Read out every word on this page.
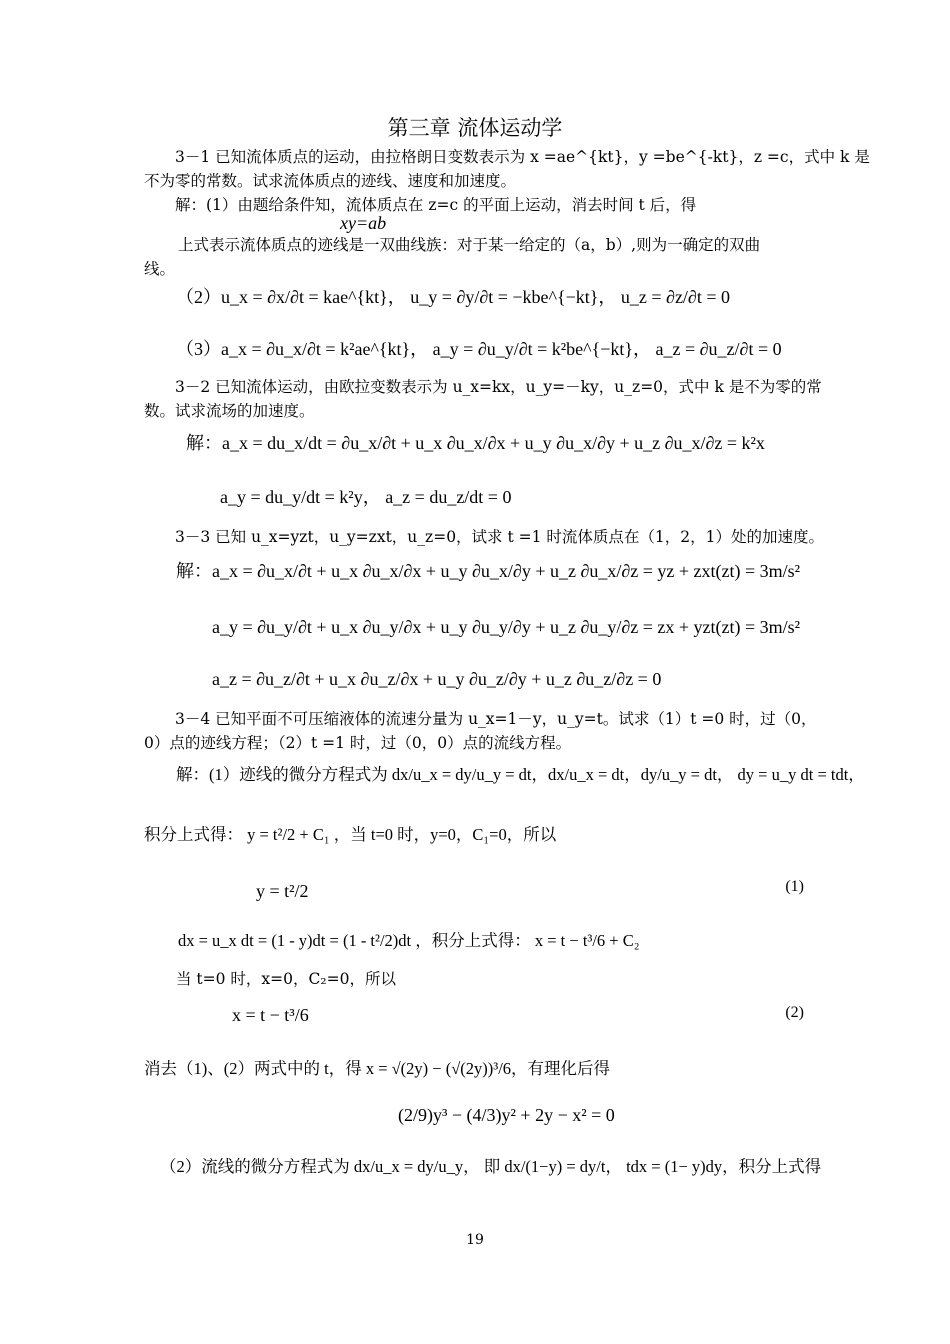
第三章 流体运动学
3－1 已知流体质点的运动，由拉格朗日变数表示为 x =ae^{kt}，y =be^{-kt}，z =c，式中 k 是
不为零的常数。试求流体质点的迹线、速度和加速度。
解：(1）由题给条件知，流体质点在 z=c 的平面上运动，消去时间 t 后，得
xy=ab
上式表示流体质点的迹线是一双曲线族：对于某一给定的（a，b）,则为一确定的双曲
线。
（2）u_x = ∂x/∂t = kae^{kt}， u_y = ∂y/∂t = −kbe^{−kt}， u_z = ∂z/∂t = 0
（3）a_x = ∂u_x/∂t = k²ae^{kt}， a_y = ∂u_y/∂t = k²be^{−kt}， a_z = ∂u_z/∂t = 0
3－2 已知流体运动，由欧拉变数表示为 u_x=kx，u_y=－ky，u_z=0，式中 k 是不为零的常
数。试求流场的加速度。
解：a_x = du_x/dt = ∂u_x/∂t + u_x ∂u_x/∂x + u_y ∂u_x/∂y + u_z ∂u_x/∂z = k²x
a_y = du_y/dt = k²y， a_z = du_z/dt = 0
3－3 已知 u_x=yzt，u_y=zxt，u_z=0，试求 t =1 时流体质点在（1，2，1）处的加速度。
解：a_x = ∂u_x/∂t + u_x ∂u_x/∂x + u_y ∂u_x/∂y + u_z ∂u_x/∂z = yz + zxt(zt) = 3m/s²
a_y = ∂u_y/∂t + u_x ∂u_y/∂x + u_y ∂u_y/∂y + u_z ∂u_y/∂z = zx + yzt(zt) = 3m/s²
a_z = ∂u_z/∂t + u_x ∂u_z/∂x + u_y ∂u_z/∂y + u_z ∂u_z/∂z = 0
3－4 已知平面不可压缩液体的流速分量为 u_x=1－y，u_y=t。试求（1）t =0 时，过（0，
0）点的迹线方程；（2）t =1 时，过（0，0）点的流线方程。
解：(1）迹线的微分方程式为 dx/u_x = dy/u_y = dt，dx/u_x = dt，dy/u_y = dt， dy = u_y dt = tdt，
积分上式得： y = t²/2 + C₁ ，当 t=0 时，y=0，C₁=0，所以
y = t²/2	(1)
dx = u_x dt = (1 - y)dt = (1 - t²/2)dt ，积分上式得： x = t − t³/6 + C₂
当 t=0 时，x=0，C₂=0，所以
x = t − t³/6	(2)
消去（1)、(2）两式中的 t，得 x = √(2y) − (√(2y))³/6，有理化后得
(2/9)y³ − (4/3)y² + 2y − x² = 0
（2）流线的微分方程式为 dx/u_x = dy/u_y， 即 dx/(1−y) = dy/t， tdx = (1− y)dy，积分上式得
19
